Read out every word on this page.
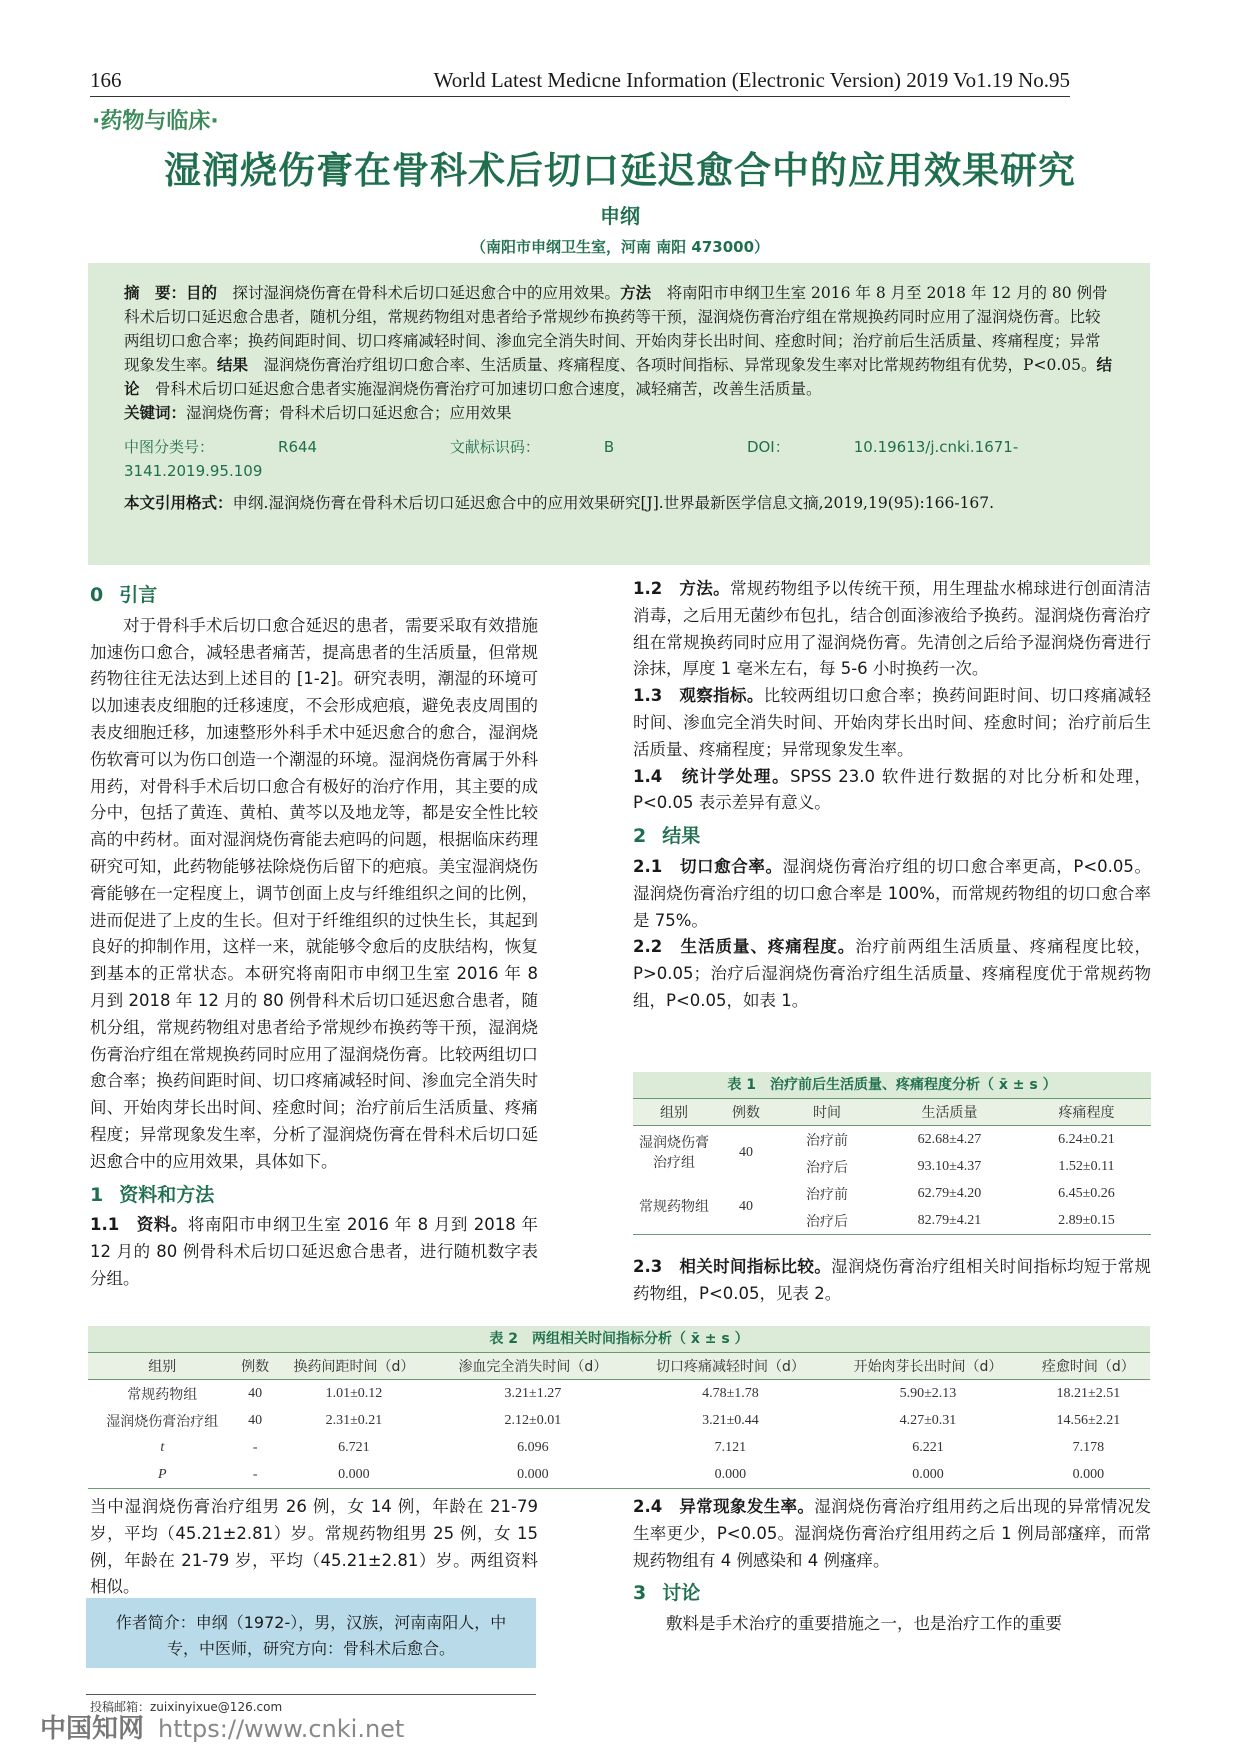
166	World Latest Medicne Information (Electronic Version) 2019 Vo1.19 No.95
·药物与临床·
湿润烧伤膏在骨科术后切口延迟愈合中的应用效果研究
申纲
（南阳市申纲卫生室，河南 南阳 473000）
摘　要：目的　 探讨湿润烧伤膏在骨科术后切口延迟愈合中的应用效果。方法　 将南阳市申纲卫生室 2016 年 8 月至 2018 年 12 月的 80 例骨科术后切口延迟愈合患者，随机分组，常规药物组对患者给予常规纱布换药等干预，湿润烧伤膏治疗组在常规换药同时应用了湿润烧伤膏。比较两组切口愈合率；换药间距时间、切口疼痛减轻时间、渗血完全消失时间、开始肉芽长出时间、痊愈时间；治疗前后生活质量、疼痛程度；异常现象发生率。结果　 湿润烧伤膏治疗组切口愈合率、生活质量、疼痛程度、各项时间指标、异常现象发生率对比常规药物组有优势，P<0.05。结论　 骨科术后切口延迟愈合患者实施湿润烧伤膏治疗可加速切口愈合速度，减轻痛苦，改善生活质量。
关键词：湿润烧伤膏；骨科术后切口延迟愈合；应用效果
中图分类号：	R644	文献标识码：	B	DOI：	10.19613/j.cnki.1671-3141.2019.95.109
本文引用格式：申纲.湿润烧伤膏在骨科术后切口延迟愈合中的应用效果研究[J].世界最新医学信息文摘,2019,19(95):166-167.
0 引言

对于骨科手术后切口愈合延迟的患者，需要采取有效措施加速伤口愈合，减轻患者痛苦，提高患者的生活质量，但常规药物往往无法达到上述目的 [1-2]。研究表明，潮湿的环境可以加速表皮细胞的迁移速度，不会形成疤痕，避免表皮周围的表皮细胞迁移，加速整形外科手术中延迟愈合的愈合，湿润烧伤软膏可以为伤口创造一个潮湿的环境。湿润烧伤膏属于外科用药，对骨科手术后切口愈合有极好的治疗作用，其主要的成分中，包括了黄连、黄柏、黄芩以及地龙等，都是安全性比较高的中药材。面对湿润烧伤膏能去疤吗的问题，根据临床药理研究可知，此药物能够祛除烧伤后留下的疤痕。美宝湿润烧伤膏能够在一定程度上，调节创面上皮与纤维组织之间的比例，进而促进了上皮的生长。但对于纤维组织的过快生长，其起到良好的抑制作用，这样一来，就能够令愈后的皮肤结构，恢复到基本的正常状态。本研究将南阳市申纲卫生室 2016 年 8 月到 2018 年 12 月的 80 例骨科术后切口延迟愈合患者，随机分组，常规药物组对患者给予常规纱布换药等干预，湿润烧伤膏治疗组在常规换药同时应用了湿润烧伤膏。比较两组切口愈合率；换药间距时间、切口疼痛减轻时间、渗血完全消失时间、开始肉芽长出时间、痊愈时间；治疗前后生活质量、疼痛程度；异常现象发生率，分析了湿润烧伤膏在骨科术后切口延迟愈合中的应用效果，具体如下。

1 资料和方法

1.1　资料。将南阳市申纲卫生室 2016 年 8 月到 2018 年 12 月的 80 例骨科术后切口延迟愈合患者，进行随机数字表分组。

1.2　方法。常规药物组予以传统干预，用生理盐水棉球进行创面清洁消毒，之后用无菌纱布包扎，结合创面渗液给予换药。湿润烧伤膏治疗组在常规换药同时应用了湿润烧伤膏。先清创之后给予湿润烧伤膏进行涂抹，厚度 1 毫米左右，每 5-6 小时换药一次。

1.3　观察指标。比较两组切口愈合率；换药间距时间、切口疼痛减轻时间、渗血完全消失时间、开始肉芽长出时间、痊愈时间；治疗前后生活质量、疼痛程度；异常现象发生率。

1.4　统计学处理。SPSS 23.0 软件进行数据的对比分析和处理，P<0.05 表示差异有意义。

2 结果

2.1　切口愈合率。湿润烧伤膏治疗组的切口愈合率更高，P<0.05。湿润烧伤膏治疗组的切口愈合率是 100%，而常规药物组的切口愈合率是 75%。

2.2　生活质量、疼痛程度。治疗前两组生活质量、疼痛程度比较，P>0.05；治疗后湿润烧伤膏治疗组生活质量、疼痛程度优于常规药物组，P<0.05，如表 1。

表 1　治疗前后生活质量、疼痛程度分析（ x̄ ± s ）
组别	例数	时间	生活质量	疼痛程度
湿润烧伤膏治疗组	40	治疗前	62.68±4.27	6.24±0.21
		治疗后	93.10±4.37	1.52±0.11
常规药物组	40	治疗前	62.79±4.20	6.45±0.26
		治疗后	82.79±4.21	2.89±0.15

2.3　相关时间指标比较。湿润烧伤膏治疗组相关时间指标均短于常规药物组，P<0.05，见表 2。

表 2　两组相关时间指标分析（ x̄ ± s ）
组别	例数	换药间距时间（d）	渗血完全消失时间（d）	切口疼痛减轻时间（d）	开始肉芽长出时间（d）	痊愈时间（d）
常规药物组	40	1.01±0.12	3.21±1.27	4.78±1.78	5.90±2.13	18.21±2.51
湿润烧伤膏治疗组	40	2.31±0.21	2.12±0.01	3.21±0.44	4.27±0.31	14.56±2.21
t	-	6.721	6.096	7.121	6.221	7.178
P	-	0.000	0.000	0.000	0.000	0.000

当中湿润烧伤膏治疗组男 26 例，女 14 例，年龄在 21-79 岁，平均（45.21±2.81）岁。常规药物组男 25 例，女 15 例，年龄在 21-79 岁，平均（45.21±2.81）岁。两组资料相似。

作者简介：申纲（1972-），男，汉族，河南南阳人，中专，中医师，研究方向：骨科术后愈合。

2.4　异常现象发生率。湿润烧伤膏治疗组用药之后出现的异常情况发生率更少，P<0.05。湿润烧伤膏治疗组用药之后 1 例局部瘙痒，而常规药物组有 4 例感染和 4 例瘙痒。

3 讨论

敷料是手术治疗的重要措施之一，也是治疗工作的重要

投稿邮箱：zuixinyixue@126.com
中国知网 https://www.cnki.net
